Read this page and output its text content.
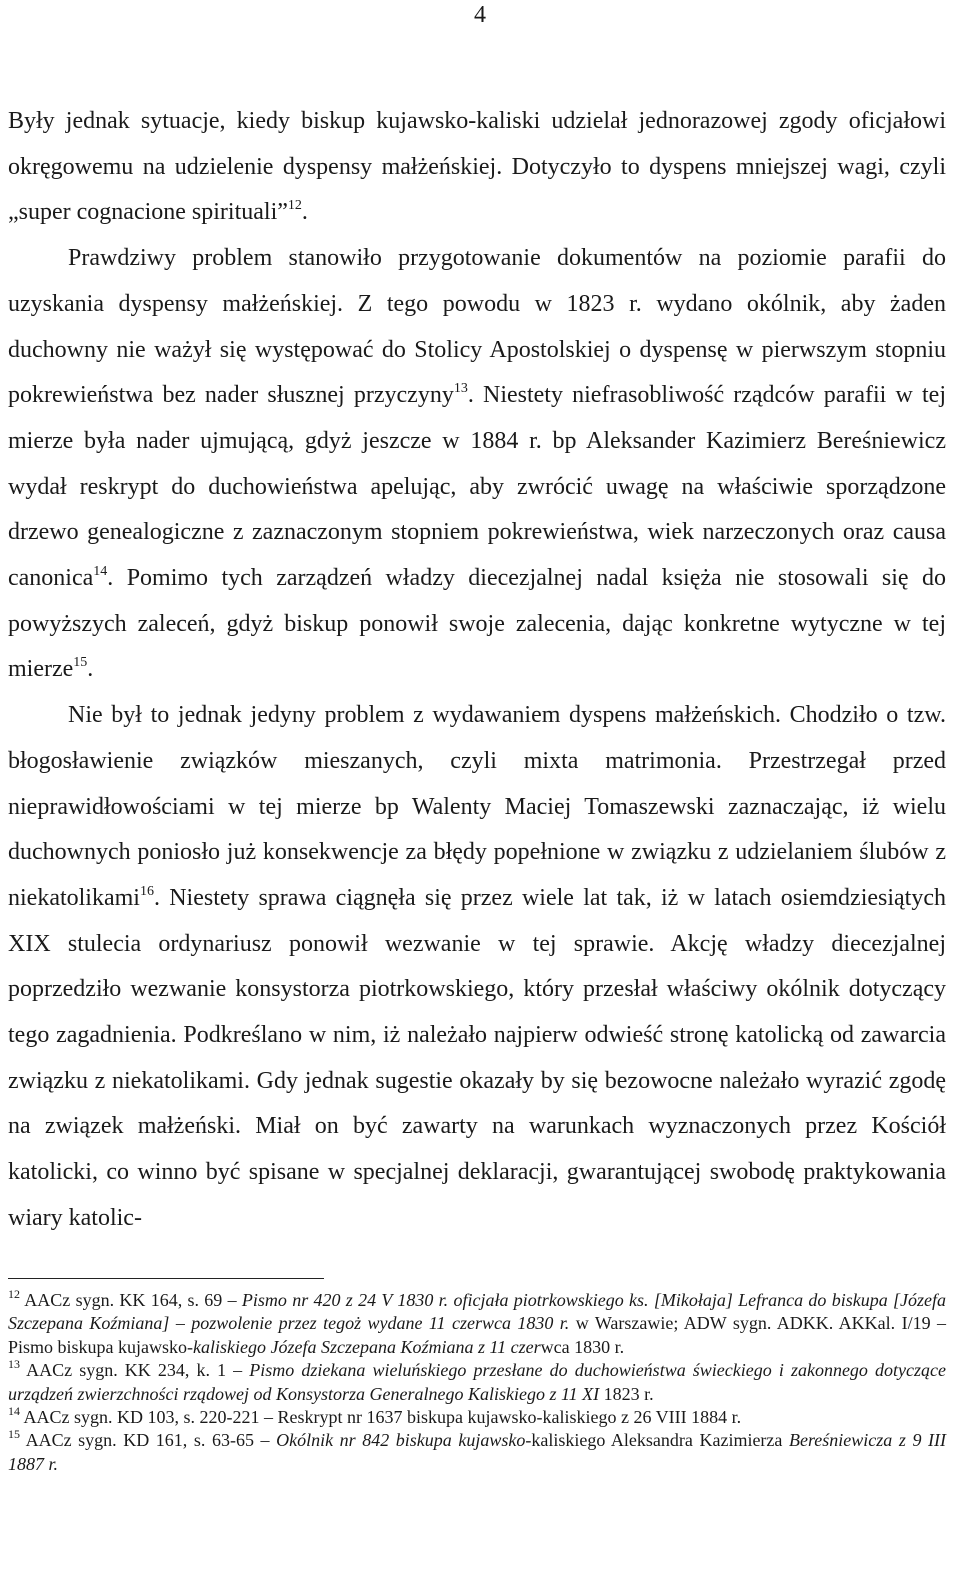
4

Były jednak sytuacje, kiedy biskup kujawsko-kaliski udzielał jednorazowej zgody oficjałowi okręgowemu na udzielenie dyspensy małżeńskiej. Dotyczyło to dyspens mniejszej wagi, czyli „super cognacione spirituali”$^{12}$.

Prawdziwy problem stanowiło przygotowanie dokumentów na poziomie parafii do uzyskania dyspensy małżeńskiej. Z tego powodu w 1823 r. wydano okólnik, aby żaden duchowny nie ważył się występować do Stolicy Apostolskiej o dyspensę w pierwszym stopniu pokrewieństwa bez nader słusznej przyczyny$^{13}$. Niestety niefrasobliwość rządców parafii w tej mierze była nader ujmującą, gdyż jeszcze w 1884 r. bp Aleksander Kazimierz Bereśniewicz wydał reskrypt do duchowieństwa apelując, aby zwrócić uwagę na właściwie sporządzone drzewo genealogiczne z zaznaczonym stopniem pokrewieństwa, wiek narzeczonych oraz causa canonica$^{14}$. Pomimo tych zarządzeń władzy diecezjalnej nadal księża nie stosowali się do powyższych zaleceń, gdyż biskup ponowił swoje zalecenia, dając konkretne wytyczne w tej mierze$^{15}$.

Nie był to jednak jedyny problem z wydawaniem dyspens małżeńskich. Chodziło o tzw. błogosławienie związków mieszanych, czyli mixta matrimonia. Przestrzegał przed nieprawidłowościami w tej mierze bp Walenty Maciej Tomaszewski zaznaczając, iż wielu duchownych poniosło już konsekwencje za błędy popełnione w związku z udzielaniem ślubów z niekatolikami$^{16}$. Niestety sprawa ciągnęła się przez wiele lat tak, iż w latach osiemdziesiątych XIX stulecia ordynariusz ponowił wezwanie w tej sprawie. Akcję władzy diecezjalnej poprzedziło wezwanie konsystorza piotrkowskiego, który przesłał właściwy okólnik dotyczący tego zagadnienia. Podkreślano w nim, iż należało najpierw odwieść stronę katolicką od zawarcia związku z niekatolikami. Gdy jednak sugestie okazały by się bezowocne należało wyrazić zgodę na związek małżeński. Miał on być zawarty na warunkach wyznaczonych przez Kościół katolicki, co winno być spisane w specjalnej deklaracji, gwarantującej swobodę praktykowania wiary katolic-

$^{12}$ AACz sygn. KK 164, s. 69 – Pismo nr 420 z 24 V 1830 r. oficjała piotrkowskiego ks. [Mikołaja] Lefranca do biskupa [Józefa Szczepana Koźmiana] – pozwolenie przez tegoż wydane 11 czerwca 1830 r. w Warszawie; ADW sygn. ADKK. AKKal. I/19 – Pismo biskupa kujawsko-kaliskiego Józefa Szczepana Koźmiana z 11 czerwca 1830 r.

$^{13}$ AACz sygn. KK 234, k. 1 – Pismo dziekana wieluńskiego przesłane do duchowieństwa świeckiego i zakonnego dotyczące urządzeń zwierzchności rządowej od Konsystorza Generalnego Kaliskiego z 11 XI 1823 r.

$^{14}$ AACz sygn. KD 103, s. 220-221 – Reskrypt nr 1637 biskupa kujawsko-kaliskiego z 26 VIII 1884 r.

$^{15}$ AACz sygn. KD 161, s. 63-65 – Okólnik nr 842 biskupa kujawsko-kaliskiego Aleksandra Kazimierza Bereśniewicza z 9 III 1887 r.
